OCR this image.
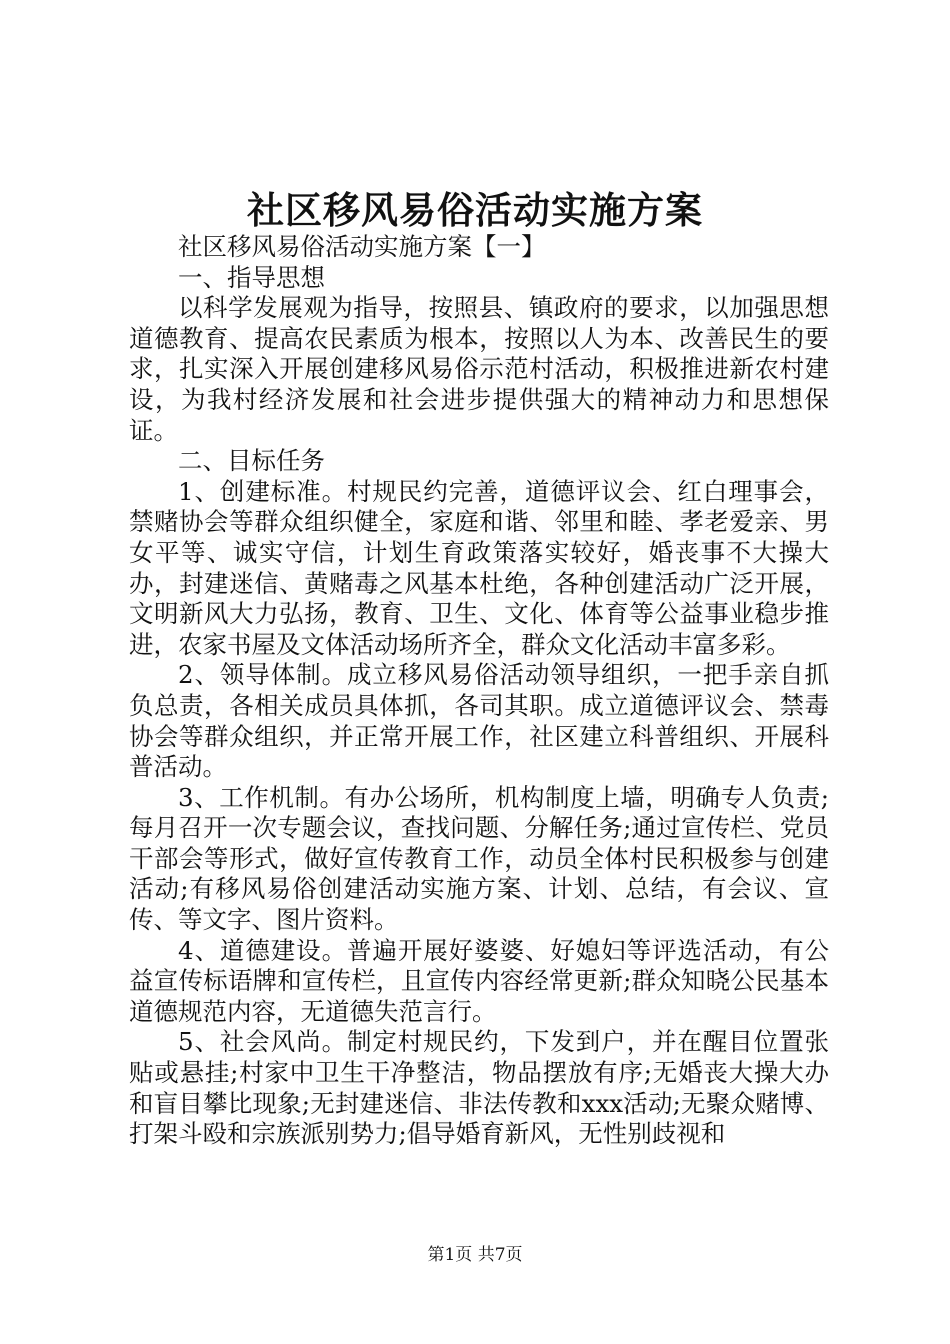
社区移风易俗活动实施方案

社区移风易俗活动实施方案【一】

一、指导思想

以科学发展观为指导，按照县、镇政府的要求，以加强思想道德教育、提高农民素质为根本，按照以人为本、改善民生的要求，扎实深入开展创建移风易俗示范村活动，积极推进新农村建设，为我村经济发展和社会进步提供强大的精神动力和思想保证。

二、目标任务

1、创建标准。村规民约完善，道德评议会、红白理事会，禁赌协会等群众组织健全，家庭和谐、邻里和睦、孝老爱亲、男女平等、诚实守信，计划生育政策落实较好，婚丧事不大操大办，封建迷信、黄赌毒之风基本杜绝，各种创建活动广泛开展，文明新风大力弘扬，教育、卫生、文化、体育等公益事业稳步推进，农家书屋及文体活动场所齐全，群众文化活动丰富多彩。

2、领导体制。成立移风易俗活动领导组织，一把手亲自抓负总责，各相关成员具体抓，各司其职。成立道德评议会、禁毒协会等群众组织，并正常开展工作，社区建立科普组织、开展科普活动。

3、工作机制。有办公场所，机构制度上墙，明确专人负责;每月召开一次专题会议，查找问题、分解任务;通过宣传栏、党员干部会等形式，做好宣传教育工作，动员全体村民积极参与创建活动;有移风易俗创建活动实施方案、计划、总结，有会议、宣传、等文字、图片资料。

4、道德建设。普遍开展好婆婆、好媳妇等评选活动，有公益宣传标语牌和宣传栏，且宣传内容经常更新;群众知晓公民基本道德规范内容，无道德失范言行。

5、社会风尚。制定村规民约，下发到户，并在醒目位置张贴或悬挂;村家中卫生干净整洁，物品摆放有序;无婚丧大操大办和盲目攀比现象;无封建迷信、非法传教和xxx活动;无聚众赌博、打架斗殴和宗族派别势力;倡导婚育新风，无性别歧视和

第1页 共7页
